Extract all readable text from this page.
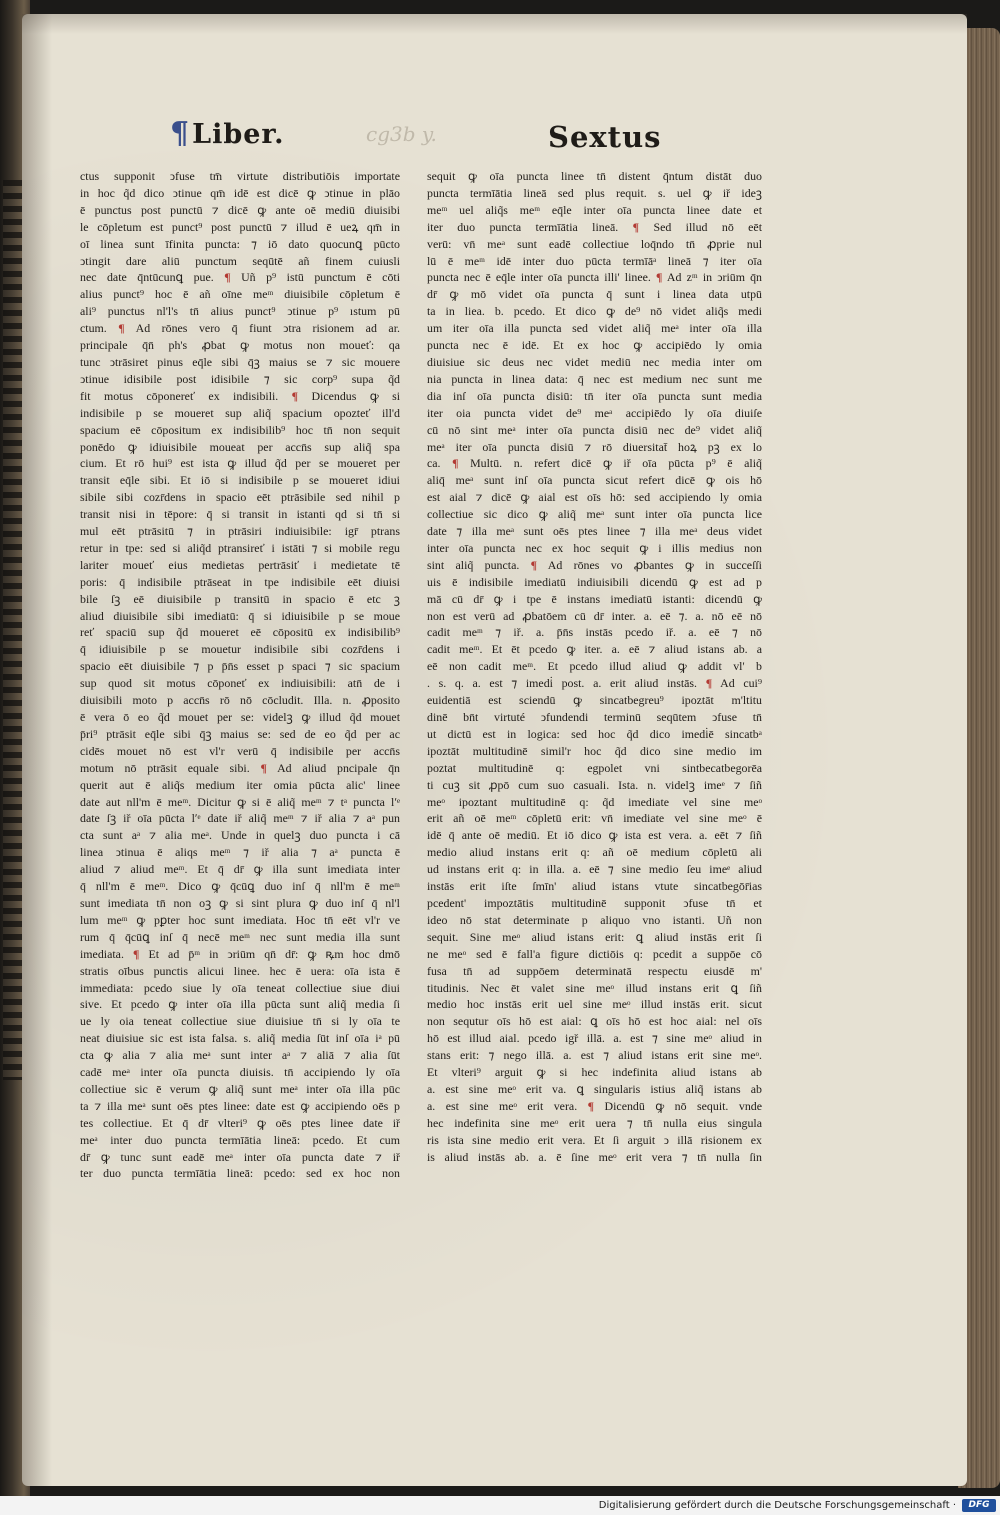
¶Liber.	cg3b y.	Sextus

ctus supponit ↄfuse tm̄ virtute distributiōis importate

in hoc q̃d dico ↄtinue qm̄ idē est dicē ꝙ ↄtinue in plāo

ē punctus post punctū ⁊ dicē ꝙ ante oē mediū diuisibi

le cōpletum est punct⁹ post punctū ⁊ illud ē ueꝝ qm̄ in

oī linea sunt īfinita puncta: ⁊ iō dato quocunꝗ pūcto

ↄtingit dare aliū punctum seqūtē añ finem cuiusli

nec date q̄ntūcunꝗ pue. ¶ Uñ p⁹ istū punctum ē cōti

alius punct⁹ hoc ē añ oīne meᵐ diuisibile cōpletum ē

ali⁹ punctus nl'l's tn̄ alius punct⁹ ↄtinue p⁹ ıstum pū

ctum. ¶ Ad rōnes vero q̄ fiunt ↄtra risionem ad ar.

principale q̄n̄ ph's ꝓbat ꝙ motus non moueť: qa

tunc ↄtrāsiret pinus eq̄le sibi q̄ꝫ maius se ⁊ sic mouere

ↄtinue idisibile post idisibile ⁊ sic corp⁹ supa q̃d

fit motus cōponereť ex indisibili. ¶ Dicendus ꝙ si

indisibile p se moueret sup aliq̃ spacium opozteť ill'd

spacium eē cōpositum ex indisibilib⁹ hoc tn̄ non sequit

ponēdo ꝙ idiuisibile moueat per accn̄s sup aliq̃ spa

cium. Et rō hui⁹ est ista ꝙ illud q̃d per se moueret per

transit eq̄le sibi. Et iō si indisibile p se moueret idiui

sibile sibi cozr̄dens in spacio eēt ptrāsibile sed nihil p

transit nisi in tēpore: q̄ si transit in istanti qd si tn̄ si

mul eēt ptrāsitū ⁊ in ptrāsiri indiuisibile: igr̄ ptrans

retur in tpe: sed si aliq̃d ptransireť i istāti ⁊ si mobile regu

lariter moueť eius medietas pertrāsiť i medietate tē

poris: q̄ indisibile ptrāseat in tpe indisibile eēt diuisi

bile ſꝫ eē diuisibile p transitū in spacio ē etc ꝫ

aliud diuisibile sibi imediatū: q̄ si idiuisibile p se moue

reť spaciū sup q̃d moueret eē cōpositū ex indisibilib⁹

q̄ idiuisibile p se mouetur indisibile sibi cozr̄dens i

spacio eēt diuisibile ⁊ p p̄n̄s esset p spaci ⁊ sic spacium

sup quod sit motus cōponeť ex indiuisibili: atn̄ de i

diuisibili moto p accn̄s rō nō cōcludit. Illa. n. ꝓposito

ē vera ō eo q̃d mouet per se: videlꝫ ꝙ illud q̃d mouet

p̄ri⁹ ptrāsit eq̄le sibi q̄ꝫ maius se: sed de eo q̃d per ac

cidēs mouet nō est vl'r verū q̄ indisibile per accn̄s

motum nō ptrāsit equale sibi. ¶ Ad aliud pncipale q̄n

querit aut ē aliq̃s medium iter omia pūcta alic' linee

date aut nll'm ē meᵐ. Dicitur ꝙ si ē aliq̃ meᵐ ⁊ tᵃ puncta lʹᵉ

date ſꝫ iř oīa pūcta lʹᵉ date iř aliq̃ meᵐ ⁊ iř alia ⁊ aᵃ pun

cta sunt aᵃ ⁊ alia meᵃ. Unde in quelꝫ duo puncta i cā

linea ↄtinua ē aliqs meᵐ ⁊ iř alia ⁊ aᵃ puncta ē

aliud ⁊ aliud meᵐ. Et q̄ dr̄ ꝙ illa sunt imediata inter

q̄ nll'm ē meᵐ. Dico ꝙ q̄cūꝗ duo inſ q̄ nll'm ē meᵐ

sunt imediata tn̄ non oꝫ ꝙ si sint plura ꝙ duo inſ q̄ nl'l

lum meᵐ ꝙ pꝑter hoc sunt imediata. Hoc tn̄ eēt vl'r ve

rum q̄ q̄cūꝗ inſ q̄ necē meᵐ nec sunt media illa sunt

imediata. ¶ Et ad p̄ᵐ in ↄriūm qn̄ dr̄: ꝙ ꝶm hoc dmō

stratis oībus punctis alicui linee. hec ē uera: oīa ista ē

immediata: pcedo siue ly oīa teneat collectiue siue diui

sive. Et pcedo ꝙ inter oīa illa pūcta sunt aliq̃ media ſi

ue ly oia teneat collectiue siue diuisiue tn̄ si ly oīa te

neat diuisiue sic est ista falsa. s. aliq̃ media ſūt inſ oīa iᵃ pū

cta ꝙ alia ⁊ alia meᵃ sunt inter aᵃ ⁊ aliā ⁊ alia ſūt

cadē meᵃ inter oīa puncta diuisis. tn̄ accipiendo ly oīa

collectiue sic ē verum ꝙ aliq̃ sunt meᵃ inter oīa illa pūc

ta ⁊ illa meᵃ sunt oēs ptes linee: date est ꝙ accipiendo oēs p

tes collectiue. Et q̄ dr̄ vlteri⁹ ꝙ oēs ptes linee date iř

meᵃ inter duo puncta termīātia lineā: pcedo. Et cum

dr̄ ꝙ tunc sunt eadē meᵃ inter oīa puncta date ⁊ iř

ter duo puncta termīātia lineā: pcedo: sed ex hoc non

sequit ꝙ oīa puncta linee tn̄ distent q̄ntum distāt duo

puncta termīātia lineā sed plus requit. s. uel ꝙ iř ideꝫ

meᵐ uel aliq̃s meᵐ eq̄le inter oīa puncta linee date et

iter duo puncta termīātia lineā. ¶ Sed illud nō eēt

verū: vn̄ meᵃ sunt eadē collectiue loq̄ndo tn̄ ꝓprie nul

lū ē meᵐ idē inter duo pūcta termīāᵃ lineā ⁊ iter oīa

puncta nec ē eq̄le inter oīa puncta illi' linee. ¶ Ad zᵐ in ↄriūm q̄n

dr̄ ꝙ mō videt oīa puncta q̄ sunt i linea data utpū

ta in liea. b. pcedo. Et dico ꝙ de⁹ nō videt aliq̃s medi

um iter oīa illa puncta sed videt aliq̃ meᵃ inter oīa illa

puncta nec ē idē. Et ex hoc ꝙ accipiēdo ly omia

diuisiue sic deus nec videt mediū nec media inter om

nia puncta in linea data: q̄ nec est medium nec sunt me

dia inſ oīa puncta disiū: tn̄ iter oīa puncta sunt media

iter oia puncta videt de⁹ meᵃ accipiēdo ly oīa diuiſe

cū nō sint meᵃ inter oīa puncta disiū nec de⁹ videt aliq̃

meᵃ iter oīa puncta disiū ⁊ rō diuersitat̄ hoꝝ pꝫ ex lo

ca. ¶ Multū. n. refert dicē ꝙ iř oīa pūcta p⁹ ē aliq̃

aliq̄ meᵃ sunt inſ oīa puncta sicut refert dicē ꝙ ois hō

est aial ⁊ dicē ꝙ aial est oīs hō: sed accipiendo ly omia

collectiue sic dico ꝙ aliq̃ meᵃ sunt inter oīa puncta lice

date ⁊ illa meᵃ sunt oēs ptes linee ⁊ illa meᵃ deus videt

inter oīa puncta nec ex hoc sequit ꝙ i illis medius non

sint aliq̃ puncta. ¶ Ad rōnes vo ꝓbantes ꝙ in succeſſi

uis ē indisibile imediatū indiuisibili dicendū ꝙ est ad p

mā cū dr̄ ꝙ i tpe ē instans imediatū istanti: dicendū ꝙ

non est verū ad ꝓbatōem cū dr̄ inter. a. eē ⁊. a. nō eē nō

cadit meᵐ ⁊ iř. a. p̄n̄s instās pcedo iř. a. eē ⁊ nō

cadit meᵐ. Et ēt pcedo ꝙ iter. a. eē ⁊ aliud istans ab. a

eē non cadit meᵐ. Et pcedo illud aliud ꝙ addit vl' b

. s. q. a. est ⁊ imedi̇ post. a. erit aliud instās. ¶ Ad cui⁹

euidentiā est sciendū ꝙ sincatbegreu⁹ ipoztāt m'ltitu

dinē bn̄t virtuté ↄfundendi terminū seqūtem ↄfuse tn̄

ut dictū est in logica: sed hoc q̃d dico imedi̇ē sincatbᵃ

ipoztāt multitudinē simil'r hoc q̃d dico sine medio im

poztat multitudinē q: egpolet vni sintbecatbegorēa

ti cuꝫ sit ꝓpō cum suo casuali. Ista. n. videlꝫ imeᵉ ⁊ ſiñ

meᵒ ipoztant multitudinē q: q̃d imediate vel sine meᵒ

erit añ oē meᵐ cōpletū erit: vn̄ imediate vel sine meᵒ ē

idē q̄ ante oē mediū. Et iō dico ꝙ ista est vera. a. eēt ⁊ ſiñ

medio aliud instans erit q: añ oē medium cōpletū ali

ud instans erit q: in illa. a. eē ⁊ sine medio ſeu imeᵉ aliud

instās erit iſte ſmīn' aliud istans vtute sincatbegōr̄ias

pcedent' impoztātis multitudinē supponit ↄfuse tn̄ et

ideo nō stat determinate p aliquo vno istanti. Uñ non

sequit. Sine meᵒ aliud istans erit: ꝗ aliud instās erit ſi

ne meᵒ sed ē fall'a figure dictiōis q: pcedit a suppōe cō

fusa tn̄ ad suppōem determinatā respectu eiusdē m'

titudinis. Nec ēt valet sine meᵒ illud instans erit ꝗ ſiñ

medio hoc instās erit uel sine meᵒ illud instās erit. sicut

non sequtur oīs hō est aial: ꝗ oīs hō est hoc aial: nel oīs

hō est illud aial. pcedo igř illā. a. est ⁊ sine meᵒ aliud in

stans erit: ⁊ nego illā. a. est ⁊ aliud istans erit sine meᵒ.

Et vlteri⁹ arguit ꝙ si hec indefinita aliud istans ab

a. est sine meᵒ erit va. ꝗ singularis istius aliq̃ istans ab

a. est sine meᵒ erit vera. ¶ Dicendū ꝙ nō sequit. vnde

hec indefinita sine meᵒ erit uera ⁊ tn̄ nulla eius singula

ris ista sine medio erit vera. Et ſi arguit ↄ illā risionem ex

is aliud instās ab. a. ē ſine meᵒ erit vera ⁊ tn̄ nulla ſin

Digitalisierung gefördert durch die Deutsche Forschungsgemeinschaft ·	DFG
